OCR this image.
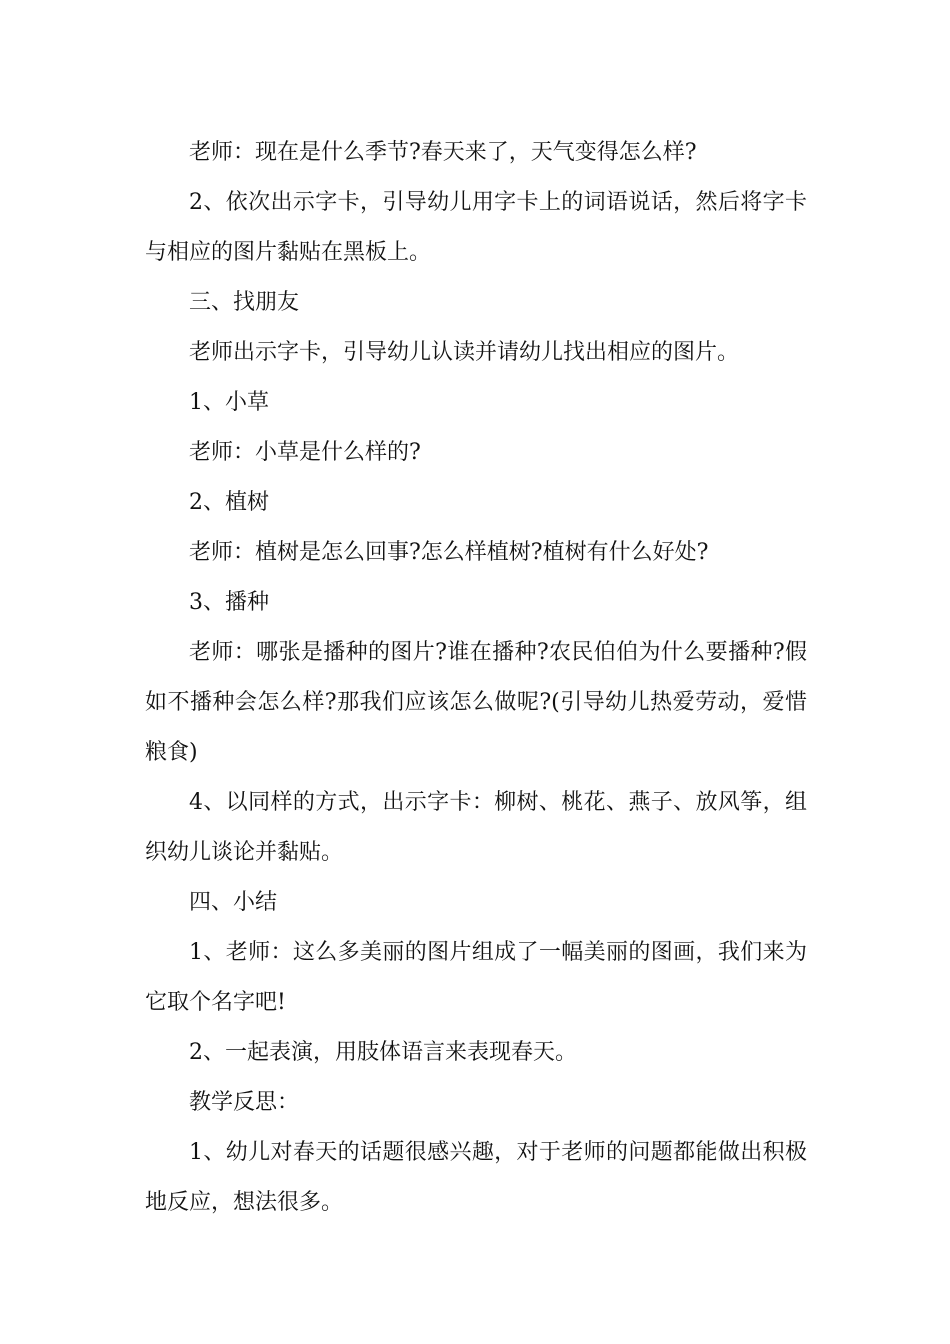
老师：现在是什么季节?春天来了，天气变得怎么样?

2、依次出示字卡，引导幼儿用字卡上的词语说话，然后将字卡与相应的图片黏贴在黑板上。

三、找朋友

老师出示字卡，引导幼儿认读并请幼儿找出相应的图片。

1、小草

老师：小草是什么样的?

2、植树

老师：植树是怎么回事?怎么样植树?植树有什么好处?

3、播种

老师：哪张是播种的图片?谁在播种?农民伯伯为什么要播种?假如不播种会怎么样?那我们应该怎么做呢?(引导幼儿热爱劳动，爱惜粮食)

4、以同样的方式，出示字卡：柳树、桃花、燕子、放风筝，组织幼儿谈论并黏贴。

四、小结

1、老师：这么多美丽的图片组成了一幅美丽的图画，我们来为它取个名字吧!

2、一起表演，用肢体语言来表现春天。

教学反思：

1、幼儿对春天的话题很感兴趣，对于老师的问题都能做出积极地反应，想法很多。
